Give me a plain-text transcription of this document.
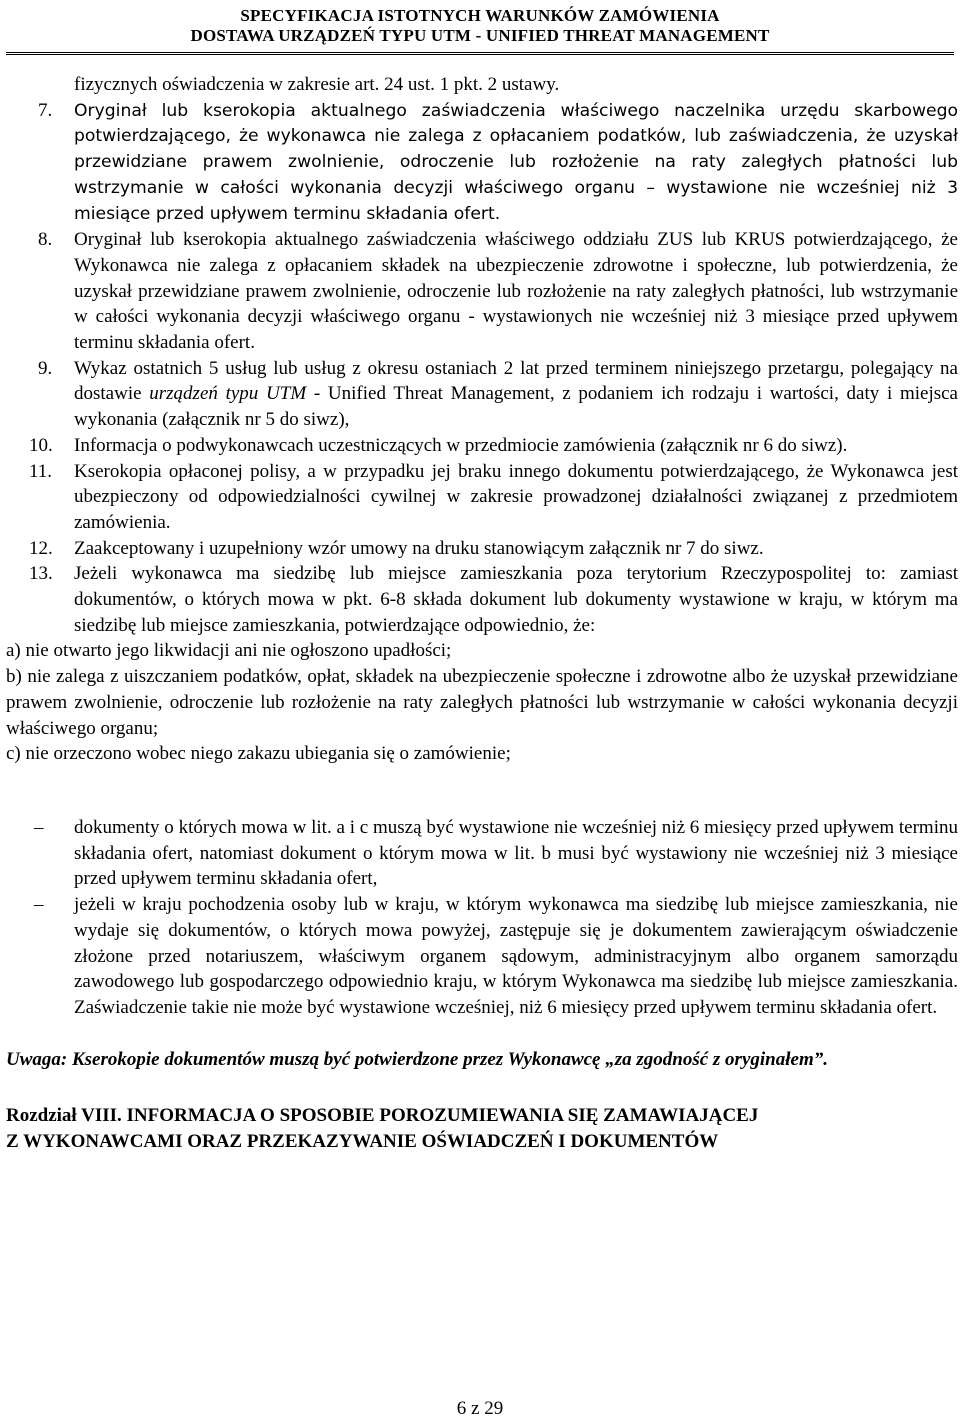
SPECYFIKACJA ISTOTNYCH WARUNKÓW ZAMÓWIENIA
DOSTAWA URZĄDZEŃ TYPU UTM - UNIFIED THREAT MANAGEMENT

fizycznych oświadczenia w zakresie art. 24 ust. 1 pkt. 2 ustawy.

7. Oryginał lub kserokopia aktualnego zaświadczenia właściwego naczelnika urzędu skarbowego potwierdzającego, że wykonawca nie zalega z opłacaniem podatków, lub zaświadczenia, że uzyskał przewidziane prawem zwolnienie, odroczenie lub rozłożenie na raty zaległych płatności lub wstrzymanie w całości wykonania decyzji właściwego organu – wystawione nie wcześniej niż 3 miesiące przed upływem terminu składania ofert.

8. Oryginał lub kserokopia aktualnego zaświadczenia właściwego oddziału ZUS lub KRUS potwierdzającego, że Wykonawca nie zalega z opłacaniem składek na ubezpieczenie zdrowotne i społeczne, lub potwierdzenia, że uzyskał przewidziane prawem zwolnienie, odroczenie lub rozłożenie na raty zaległych płatności, lub wstrzymanie w całości wykonania decyzji właściwego organu - wystawionych nie wcześniej niż 3 miesiące przed upływem terminu składania ofert.

9. Wykaz ostatnich 5 usług lub usług z okresu ostaniach 2 lat przed terminem niniejszego przetargu, polegający na dostawie urządzeń typu UTM - Unified Threat Management, z podaniem ich rodzaju i wartości, daty i miejsca wykonania (załącznik nr 5 do siwz),

10. Informacja o podwykonawcach uczestniczących w przedmiocie zamówienia (załącznik nr 6 do siwz).

11. Kserokopia opłaconej polisy, a w przypadku jej braku innego dokumentu potwierdzającego, że Wykonawca jest ubezpieczony od odpowiedzialności cywilnej w zakresie prowadzonej działalności związanej z przedmiotem zamówienia.

12. Zaakceptowany i uzupełniony wzór umowy na druku stanowiącym załącznik nr 7 do siwz.

13. Jeżeli wykonawca ma siedzibę lub miejsce zamieszkania poza terytorium Rzeczypospolitej to: zamiast dokumentów, o których mowa w pkt. 6-8 składa dokument lub dokumenty wystawione w kraju, w którym ma siedzibę lub miejsce zamieszkania, potwierdzające odpowiednio, że:

a) nie otwarto jego likwidacji ani nie ogłoszono upadłości;

b) nie zalega z uiszczaniem podatków, opłat, składek na ubezpieczenie społeczne i zdrowotne albo że uzyskał przewidziane prawem zwolnienie, odroczenie lub rozłożenie na raty zaległych płatności lub wstrzymanie w całości wykonania decyzji właściwego organu;

c) nie orzeczono wobec niego zakazu ubiegania się o zamówienie;

– dokumenty o których mowa w lit. a i c muszą być wystawione nie wcześniej niż 6 miesięcy przed upływem terminu składania ofert, natomiast dokument o którym mowa w lit. b musi być wystawiony nie wcześniej niż 3 miesiące przed upływem terminu składania ofert,

– jeżeli w kraju pochodzenia osoby lub w kraju, w którym wykonawca ma siedzibę lub miejsce zamieszkania, nie wydaje się dokumentów, o których mowa powyżej, zastępuje się je dokumentem zawierającym oświadczenie złożone przed notariuszem, właściwym organem sądowym, administracyjnym albo organem samorządu zawodowego lub gospodarczego odpowiednio kraju, w którym Wykonawca ma siedzibę lub miejsce zamieszkania. Zaświadczenie takie nie może być wystawione wcześniej, niż 6 miesięcy przed upływem terminu składania ofert.

Uwaga: Kserokopie dokumentów muszą być potwierdzone przez Wykonawcę „za zgodność z oryginałem”.

Rozdział VIII. INFORMACJA O SPOSOBIE POROZUMIEWANIA SIĘ ZAMAWIAJĄCEJ

Z WYKONAWCAMI ORAZ PRZEKAZYWANIE OŚWIADCZEŃ I DOKUMENTÓW

6 z 29
